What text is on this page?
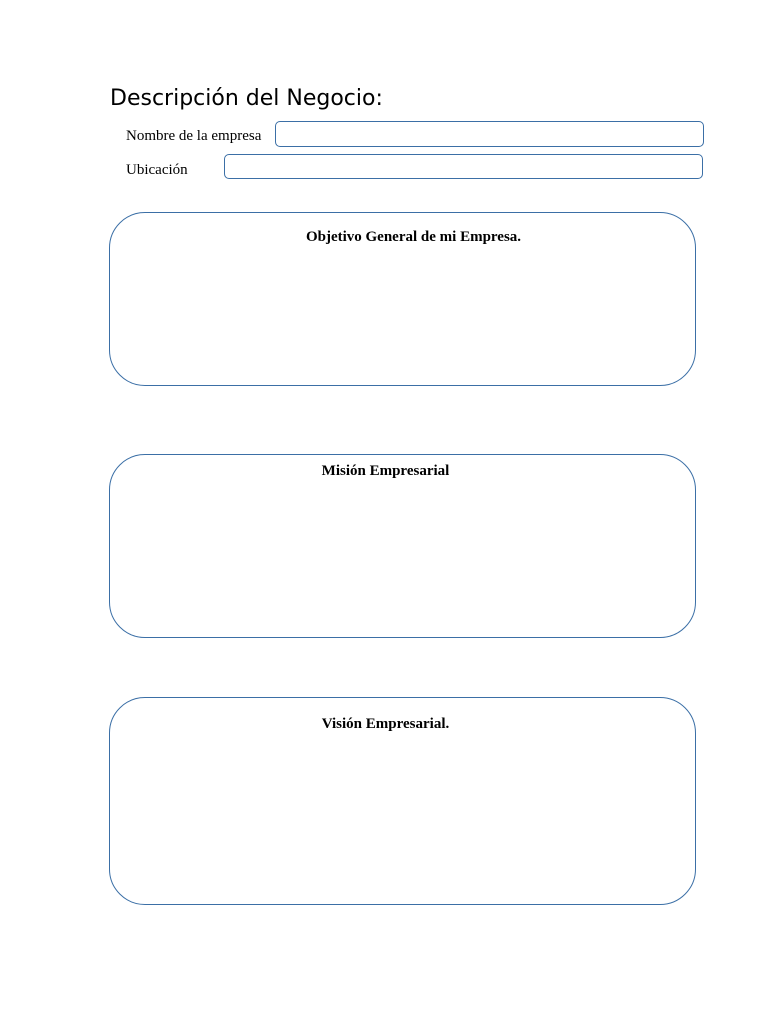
Descripción del Negocio:
Nombre de la empresa
Ubicación
Objetivo General de mi Empresa.
Misión Empresarial
Visión Empresarial.
